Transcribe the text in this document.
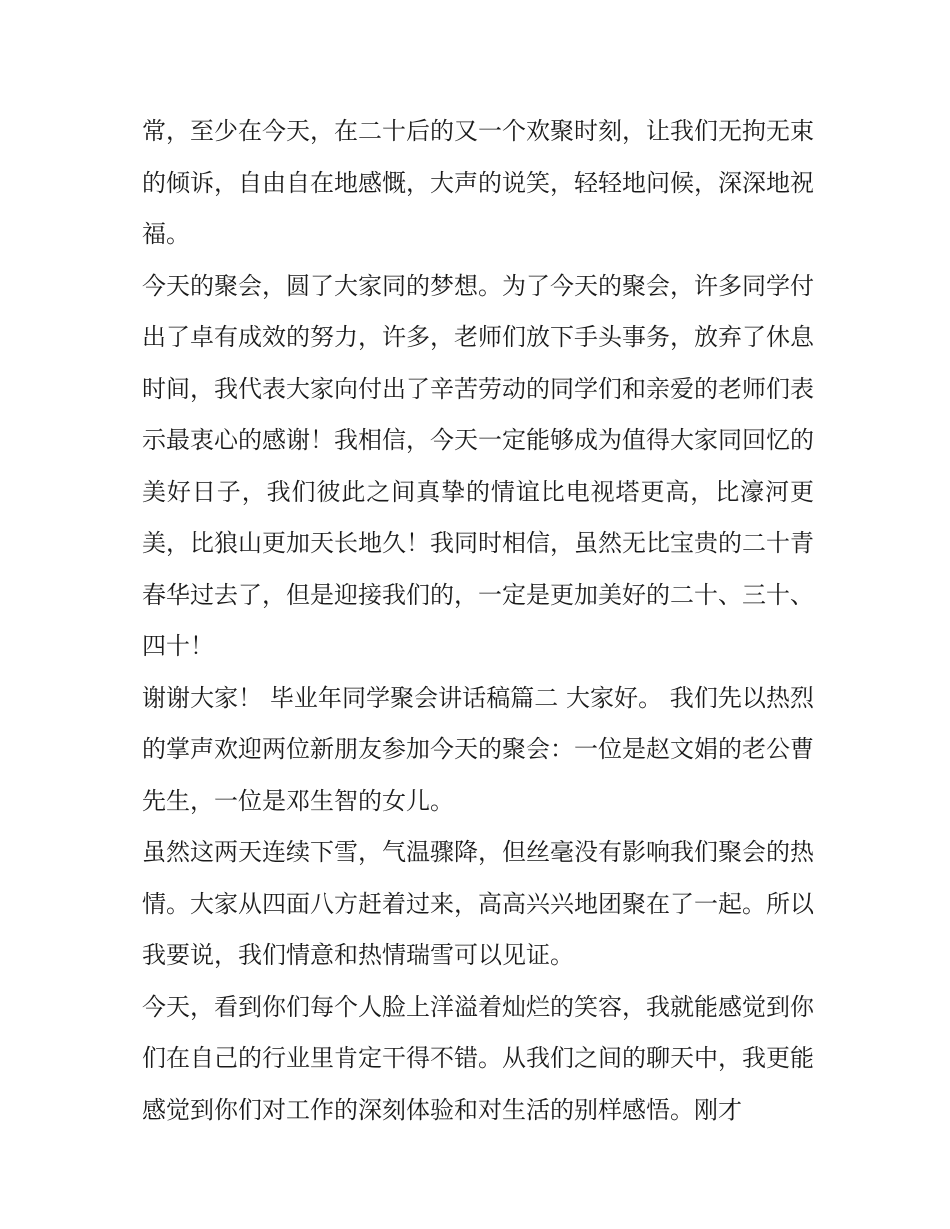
常，至少在今天，在二十后的又一个欢聚时刻，让我们无拘无束的倾诉，自由自在地感慨，大声的说笑，轻轻地问候，深深地祝福。

今天的聚会，圆了大家同的梦想。为了今天的聚会，许多同学付出了卓有成效的努力，许多，老师们放下手头事务，放弃了休息时间，我代表大家向付出了辛苦劳动的同学们和亲爱的老师们表示最衷心的感谢！我相信，今天一定能够成为值得大家同回忆的美好日子，我们彼此之间真挚的情谊比电视塔更高，比濠河更美，比狼山更加天长地久！我同时相信，虽然无比宝贵的二十青春华过去了，但是迎接我们的，一定是更加美好的二十、三十、四十！

谢谢大家！ 毕业年同学聚会讲话稿篇二 大家好。 我们先以热烈的掌声欢迎两位新朋友参加今天的聚会：一位是赵文娟的老公曹先生，一位是邓生智的女儿。

虽然这两天连续下雪，气温骤降，但丝毫没有影响我们聚会的热情。大家从四面八方赶着过来，高高兴兴地团聚在了一起。所以我要说，我们情意和热情瑞雪可以见证。

今天，看到你们每个人脸上洋溢着灿烂的笑容，我就能感觉到你们在自己的行业里肯定干得不错。从我们之间的聊天中，我更能感觉到你们对工作的深刻体验和对生活的别样感悟。刚才
